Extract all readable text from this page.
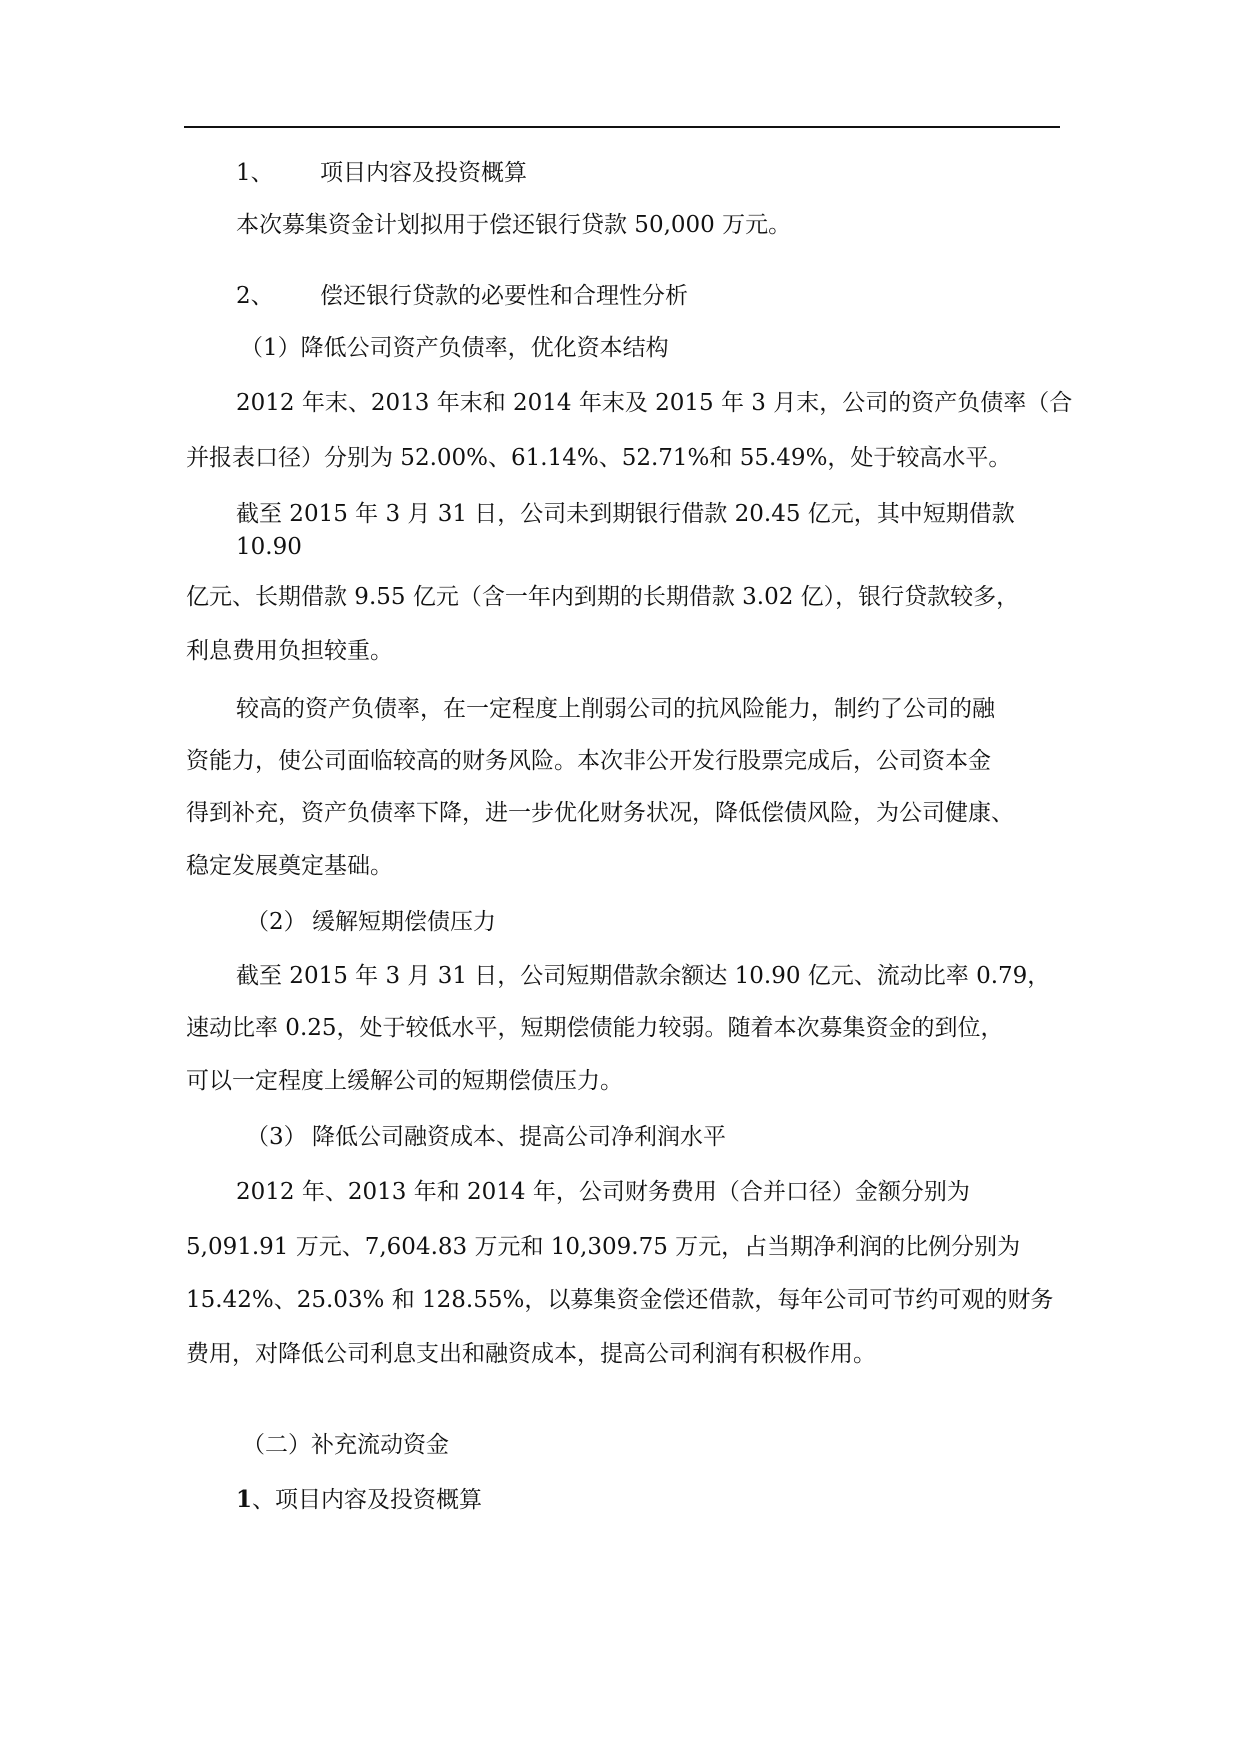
1、 项目内容及投资概算
本次募集资金计划拟用于偿还银行贷款 50,000 万元。
2、 偿还银行贷款的必要性和合理性分析
（1）降低公司资产负债率，优化资本结构
2012 年末、2013 年末和 2014 年末及 2015 年 3 月末，公司的资产负债率（合
并报表口径）分别为 52.00%、61.14%、52.71%和 55.49%，处于较高水平。
截至 2015 年 3 月 31 日，公司未到期银行借款 20.45 亿元，其中短期借款
10.90
亿元、长期借款 9.55 亿元（含一年内到期的长期借款 3.02 亿），银行贷款较多，
利息费用负担较重。
较高的资产负债率，在一定程度上削弱公司的抗风险能力，制约了公司的融
资能力，使公司面临较高的财务风险。本次非公开发行股票完成后，公司资本金
得到补充，资产负债率下降，进一步优化财务状况，降低偿债风险，为公司健康、
稳定发展奠定基础。
（2） 缓解短期偿债压力
截至 2015 年 3 月 31 日，公司短期借款余额达 10.90 亿元、流动比率 0.79，
速动比率 0.25，处于较低水平，短期偿债能力较弱。随着本次募集资金的到位，
可以一定程度上缓解公司的短期偿债压力。
（3） 降低公司融资成本、提高公司净利润水平
2012 年、2013 年和 2014 年，公司财务费用（合并口径）金额分别为
5,091.91 万元、7,604.83 万元和 10,309.75 万元，占当期净利润的比例分别为
15.42%、25.03% 和 128.55%，以募集资金偿还借款，每年公司可节约可观的财务
费用，对降低公司利息支出和融资成本，提高公司利润有积极作用。
（二）补充流动资金
1、项目内容及投资概算
